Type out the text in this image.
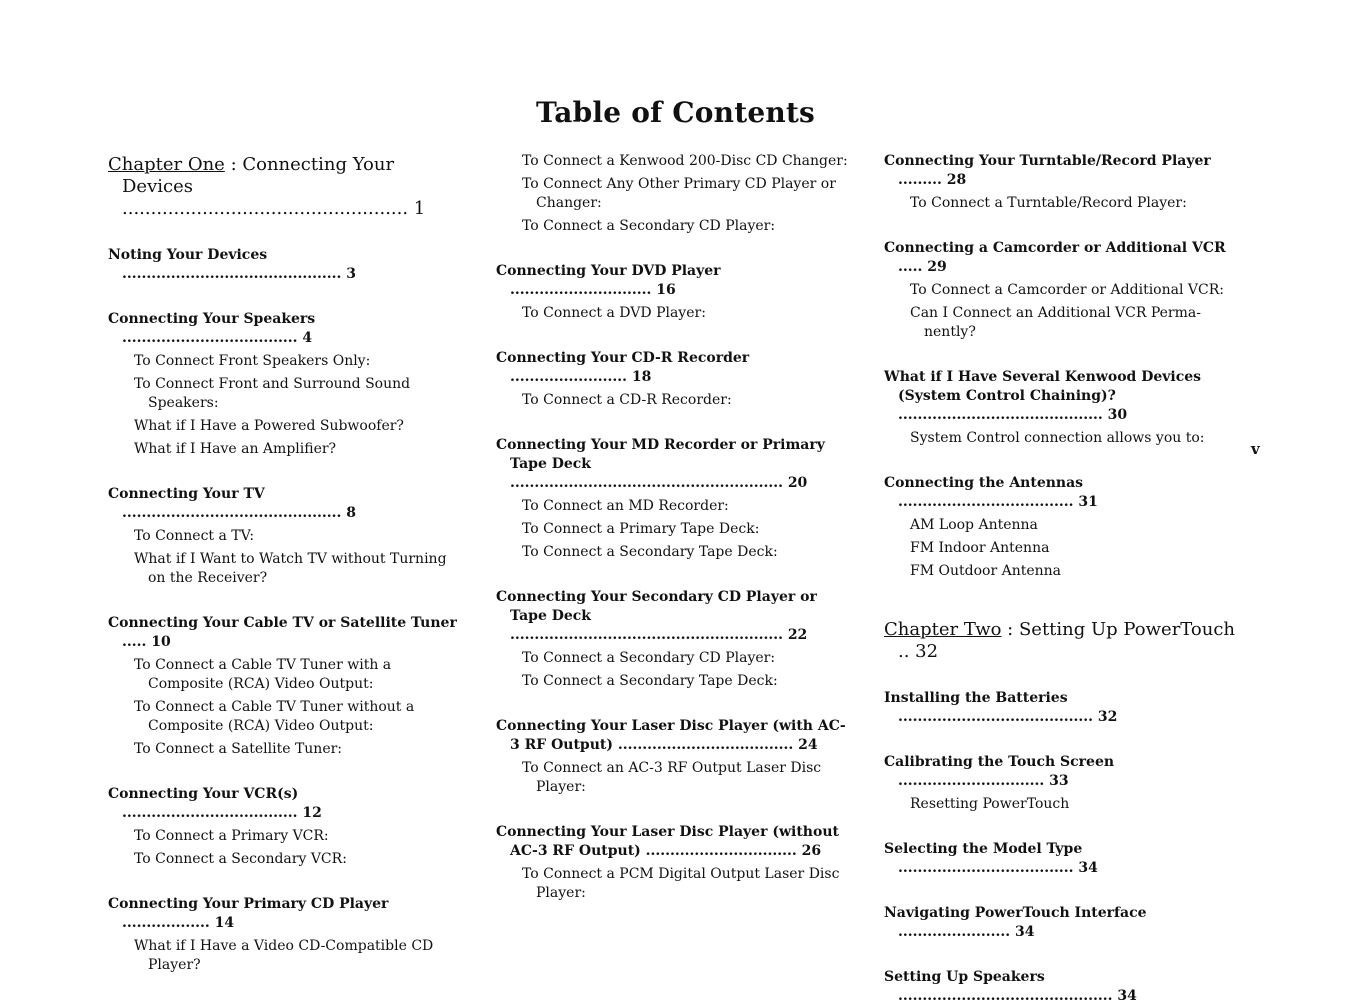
Table of Contents
v
Chapter One : Connecting Your Devices .................................................. 1
Noting Your Devices ............................................. 3
Connecting Your Speakers .................................... 4
To Connect Front Speakers Only:
To Connect Front and Surround Sound Speakers:
What if I Have a Powered Subwoofer?
What if I Have an Amplifier?
Connecting Your TV ............................................. 8
To Connect a TV:
What if I Want to Watch TV without Turning on the Receiver?
Connecting Your Cable TV or Satellite Tuner ..... 10
To Connect a Cable TV Tuner with a Composite (RCA) Video Output:
To Connect a Cable TV Tuner without a Composite (RCA) Video Output:
To Connect a Satellite Tuner:
Connecting Your VCR(s) .................................... 12
To Connect a Primary VCR:
To Connect a Secondary VCR:
Connecting Your Primary CD Player .................. 14
What if I Have a Video CD-Compatible CD Player?
To Connect a Kenwood 200-Disc CD Changer:
To Connect Any Other Primary CD Player or Changer:
To Connect a Secondary CD Player:
Connecting Your DVD Player ............................. 16
To Connect a DVD Player:
Connecting Your CD-R Recorder ........................ 18
To Connect a CD-R Recorder:
Connecting Your MD Recorder or Primary Tape Deck ........................................................ 20
To Connect an MD Recorder:
To Connect a Primary Tape Deck:
To Connect a Secondary Tape Deck:
Connecting Your Secondary CD Player or Tape Deck ........................................................ 22
To Connect a Secondary CD Player:
To Connect a Secondary Tape Deck:
Connecting Your Laser Disc Player (with AC-3 RF Output) .................................... 24
To Connect an AC-3 RF Output Laser Disc Player:
Connecting Your Laser Disc Player (without AC-3 RF Output) ............................... 26
To Connect a PCM Digital Output Laser Disc Player:
Connecting Your Turntable/Record Player ......... 28
To Connect a Turntable/Record Player:
Connecting a Camcorder or Additional VCR ..... 29
To Connect a Camcorder or Additional VCR:
Can I Connect an Additional VCR Perma- nently?
What if I Have Several Kenwood Devices (System Control Chaining)? .......................................... 30
System Control connection allows you to:
Connecting the Antennas .................................... 31
AM Loop Antenna
FM Indoor Antenna
FM Outdoor Antenna
Chapter Two : Setting Up PowerTouch .. 32
Installing the Batteries ........................................ 32
Calibrating the Touch Screen .............................. 33
Resetting PowerTouch
Selecting the Model Type .................................... 34
Navigating PowerTouch Interface ....................... 34
Setting Up Speakers ............................................ 34
